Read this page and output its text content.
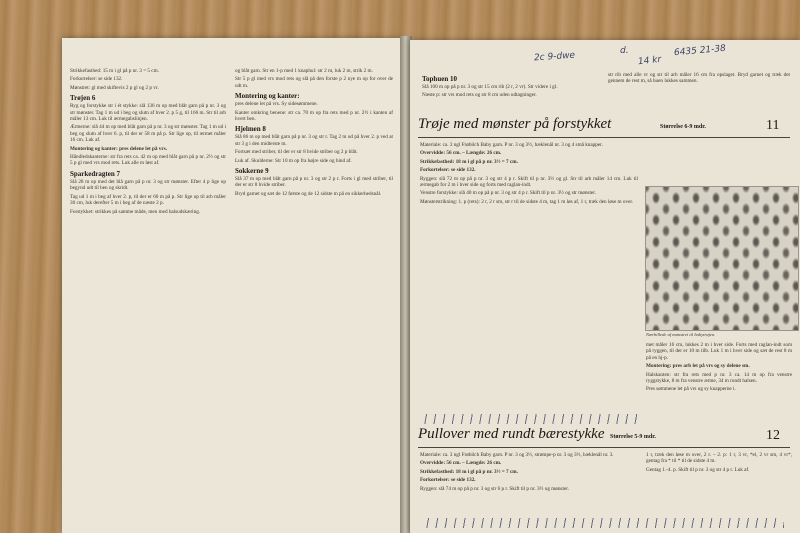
Strikkefasthed: 15 m i gl på p nr. 3 = 5 cm.

Forkortelser: se side 132.

Mønstret: gl med skiftevis 2 p gl og 2 p vr.

Trøjen 6

Ryg og forstykke str i ét stykke: slå 136 m op med blåt garn på p nr. 3 og str mønster. Tag 1 m ud i beg og slutn af hver 2. p 5 g, til 166 m. Str til arb måler 13 cm. Luk til ærmegabslinjen.

Ærmerne: slå 44 m op med blåt garn på p nr. 3 og str mønster. Tag 1 m ud i beg og slutn af hver 6. p, til der er 58 m på p. Str lige op, til ærmet måler 16 cm. Luk af.

Montering og kanter: pres delene let på vrs.

Håndledskanterne: str fra rets ca. 42 m op med blåt garn på p nr. 2½ og str 5 p gl med vrs mod rets. Luk alle m løst af.

Sparkedragten 7

Slå 28 m op med det blå garn på p nr. 3 og str mønster. Efter 4 p lige op begynd udt til ben og skridt.

Tag ud 1 m i beg af hver 2. p, til der er 60 m på p. Str lige op til arb måler 30 cm, luk derefter 5 m i beg af de næste 2 p.

Forstykket: strikkes på samme måde, men med halsudskæring.

og blåt garn. Str en 1-p med 1 knaphul: str 2 m, luk 2 m, strik 2 m.

Str 5 p gl med vrs mod rets og slå på den forste p 2 nye m op for over de udt m.

Montering og kanter:

pres delene let på vrs. Sy sidesømmene.

Kanter omkring benene: str ca. 70 m op fra rets med p nr. 2½ i kanten af hvert ben.

Hjelmen 8

Slå 86 m op med blåt garn på p nr. 3 og str r. Tag 2 m ud på hver 2. p ved at str 3 g i den midterste m.

Fortsæt med striber, til der er str 8 hvide striber og 2 p blåt.

Luk af. Skulderne: Str 10 m op fra højre side og bind af.

Sokkerne 9

Slå 37 m op med blåt garn på p nr. 3 og str 2 p r. Forts i gl med striber, til der er str 8 hvide striber.

Bryd garnet og sæt de 12 første og de 12 sidste m på en sikkerhedsnål.

Tophuen 10

Slå 100 m op på p nr. 3 og str 15 cm rib (2 r, 2 vr). Str videre i gl.

Næste p: str vrs mod rets og str 8 cm uden udtagninger.

str rib med alle vr og str til arb måler 16 cm fra opslaget. Bryd garnet og træk det gennem de rest m, så huen lukkes sammen.

Trøje med mønster på forstykket	Størrelse 6-9 mdr.	11

Materiale: ca. 3 ngl Frøbilch Baby garn. P nr. 3 og 3½, hæklenål nr. 3 og 4 små knapper.

Overvidde: 56 cm. – Længde: 26 cm.

Strikkefasthed: 18 m i gl på p nr. 3½ = 7 cm.

Forkortelser: se side 132.

Ryggen: slå 72 m op på p nr. 3 og str 4 p r. Skift til p nr. 3½ og gl. Str til arb måler 14 cm. Luk til ærmegab for 2 m i hver side og forts med raglan-indt.

Venstre forstykke: slå 40 m op på p nr. 3 og str 4 p r. Skift til p nr. 3½ og str mønster.

Mønsterstrikning: 1. p (rets): 2 r, 2 r sm, str r til de sidste 4 m, tag 1 m løs af, 1 r, træk den løse m over.

Nærbillede af mønstret til babytrøjen.

met måler 16 cm, lukkes 2 m i hver side. Forts med raglan-indt som på ryggen, til der er 10 m tilb. Luk 1 m i hver side og sæt de rest 8 m på en hj-p.

Montering: pres arb let på vrs og sy delene sm.

Halskanten: str fra rets med p nr. 3 ca. 14 m op fra venstre ryggstykke, 8 m fra venstre ærme, 34 m rundt halsen.

Pres sømmene let på vrs og sy knapperne i.

Pullover med rundt bærestykke Størrelse 5-9 mdr.	12

Materiale: ca. 3 ngl Frøbilch Baby garn. P nr. 3 og 3½, strømpe-p nr. 3 og 3½, hæklenål nr. 3.

Overvidde: 56 cm. – Længde: 26 cm.

Strikkefasthed: 18 m i gl på p nr. 3½ = 7 cm.

Forkortelser: se side 132.

Ryggen: slå 74 m op på p nr. 3 og str 6 p r. Skift til p nr. 3½ og mønster.

1 r, træk den løse m over, 2 r. – 2. p: 1 r, 3 vr, *el, 2 vr sm, 4 vr*, gentag fra * til * til de sidste 4 m.

Gentag 1.-4. p. Skift til p nr. 3 og str 4 p r. Luk af.

2c 9-dwe	d.
14 kr
6435 21-38
